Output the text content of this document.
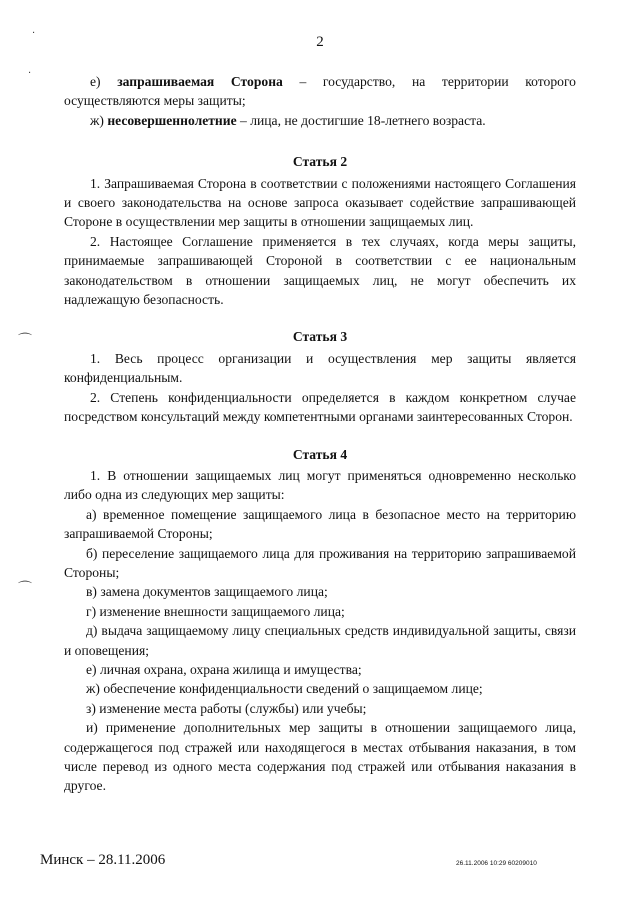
·
·
⌒
⌒
2

е) запрашиваемая Сторона – государство, на территории которого осуществляются меры защиты;

ж) несовершеннолетние – лица, не достигшие 18-летнего возраста.

Статья 2

1. Запрашиваемая Сторона в соответствии с положениями настоящего Соглашения и своего законодательства на основе запроса оказывает содействие запрашивающей Стороне в осуществлении мер защиты в отношении защищаемых лиц.

2. Настоящее Соглашение применяется в тех случаях, когда меры защиты, принимаемые запрашивающей Стороной в соответствии с ее национальным законодательством в отношении защищаемых лиц, не могут обеспечить их надлежащую безопасность.

Статья 3

1. Весь процесс организации и осуществления мер защиты является конфиденциальным.

2. Степень конфиденциальности определяется в каждом конкретном случае посредством консультаций между компетентными органами заинтересованных Сторон.

Статья 4

1. В отношении защищаемых лиц могут применяться одновременно несколько либо одна из следующих мер защиты:

а) временное помещение защищаемого лица в безопасное место на территорию запрашиваемой Стороны;

б) переселение защищаемого лица для проживания на территорию запрашиваемой Стороны;

в) замена документов защищаемого лица;

г) изменение внешности защищаемого лица;

д) выдача защищаемому лицу специальных средств индивидуальной защиты, связи и оповещения;

е) личная охрана, охрана жилища и имущества;

ж) обеспечение конфиденциальности сведений о защищаемом лице;

з) изменение места работы (службы) или учебы;

и) применение дополнительных мер защиты в отношении защищаемого лица, содержащегося под стражей или находящегося в местах отбывания наказания, в том числе перевод из одного места содержания под стражей или отбывания наказания в другое.

Минск – 28.11.2006	26.11.2006 10:29 60209010
